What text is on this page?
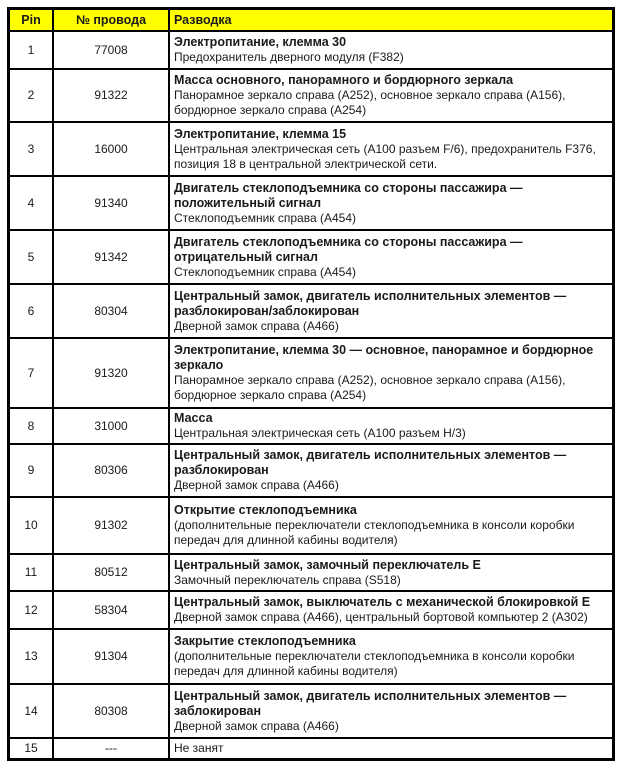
Pin	№ провода	Разводка
1	77008	Электропитание, клемма 30
Предохранитель дверного модуля (F382)

2	91322	Масса основного, панорамного и бордюрного зеркала
Панорамное зеркало справа (A252), основное зеркало справа (A156), бордюрное зеркало справа (A254)

3	16000	Электропитание, клемма 15
Центральная электрическая сеть (A100 разъем F/6), предохранитель F376, позиция 18 в центральной электрической сети.

4	91340	Двигатель стеклоподъемника со стороны пассажира — положительный сигнал
Стеклоподъемник справа (A454)

5	91342	Двигатель стеклоподъемника со стороны пассажира — отрицательный сигнал
Стеклоподъемник справа (A454)

6	80304	Центральный замок, двигатель исполнительных элементов — разблокирован/заблокирован
Дверной замок справа (A466)

7	91320	Электропитание, клемма 30 — основное, панорамное и бордюрное зеркало
Панорамное зеркало справа (A252), основное зеркало справа (A156), бордюрное зеркало справа (A254)

8	31000	Масса
Центральная электрическая сеть (A100 разъем H/3)

9	80306	Центральный замок, двигатель исполнительных элементов — разблокирован
Дверной замок справа (A466)

10	91302	Открытие стеклоподъемника
(дополнительные переключатели стеклоподъемника в консоли коробки передач для длинной кабины водителя)

11	80512	Центральный замок, замочный переключатель E
Замочный переключатель справа (S518)

12	58304	Центральный замок, выключатель с механической блокировкой E
Дверной замок справа (A466), центральный бортовой компьютер 2 (A302)

13	91304	Закрытие стеклоподъемника
(дополнительные переключатели стеклоподъемника в консоли коробки передач для длинной кабины водителя)

14	80308	Центральный замок, двигатель исполнительных элементов — заблокирован
Дверной замок справа (A466)

15	---	Не занят
